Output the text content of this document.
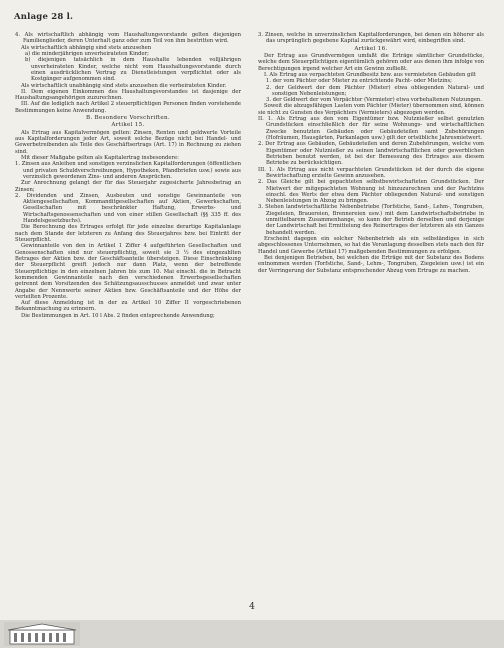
Anlage 28 l.

4. Als wirtschaftlich abhängig vom Haushaltungsvorstande gelten diejenigen Familienglieder, deren Unterhalt ganz oder zum Teil von ihm bestritten wird.

Als wirtschaftlich abhängig sind stets anzusehen

a) die minderjährigen unverheirateten Kinder;

b) diejenigen tatsächlich in dem Haushalte lebenden volljährigen unverheirateten Kinder, welche nicht vom Haushaltungsvorstande durch einen ausdrücklichen Vertrag zu Dienstleistungen verpflichtet oder als Kostgänger aufgenommen sind.

Als wirtschaftlich unabhängig sind stets anzusehen die verheirateten Kinder.

II. Dem eigenen Einkommen des Haushaltungsvorstandes ist dasjenige der Haushaltungsangehörigen zuzurechnen.

III. Auf die lediglich nach Artikel 2 steuerpflichtigen Personen finden vorstehende Bestimmungen keine Anwendung.

B. Besondere Vorschriften.

Artikel 15.

Als Ertrag aus Kapitalvermögen gelten: Zinsen, Renten und geldwerte Vorteile aus Kapitalforderungen jeder Art, soweit solche Bezüge nicht bei Handel- und Gewerbetreibenden als Teile des Geschäftsertrags (Art. 17) in Rechnung zu ziehen sind.

Mit dieser Maßgabe gelten als Kapitalertrag insbesondere:

1. Zinsen aus Anleihen und sonstigen verzinslichen Kapitalforderungen (öffentlichen und privaten Schuldverschreibungen, Hypotheken, Pfandbriefen usw.) sowie aus verzinslich gewordenen Zins- und anderen Ansprüchen.

Zur Anrechnung gelangt der für das Steuerjahr zugesicherte Jahresbetrag an Zinsen;

2. Dividenden und Zinsen, Ausbeuten und sonstige Gewinnanteile von Aktiengesellschaften, Kommanditgesellschaften auf Aktien, Gewerkschaften, Gesellschaften mit beschränkter Haftung, Erwerbs- und Wirtschaftsgenossenschaften und von einer stillen Gesellschaft (§§ 335 ff. des Handelsgesetzbuchs).

Die Berechnung des Ertrages erfolgt für jede einzelne derartige Kapitalanlage nach dem Stande der letzteren zu Anfang des Steuerjahres bzw. bei Eintritt der Steuerpflicht.

Gewinnanteile von den in Artikel 1 Ziffer 4 aufgeführten Gesellschaften und Genossenschaften sind nur steuerpflichtig, soweit sie 3 ½ des eingezahlten Betrages der Aktien bzw. der Geschäftsanteile übersteigen. Diese Einschränkung der Steuerpflicht greift jedoch nur dann Platz, wenn der betreffende Steuerpflichtige in den einzelnen Jahren bis zum 10. Mai einschl. die in Betracht kommenden Gewinnanteile nach den verschiedenen Erwerbsgesellschaften getrennt dem Vorsitzenden des Schätzungsausschusses anmeldet und zwar unter Angabe der Nennwerte seiner Aktien bzw. Geschäftsanteile und der Höhe der verteilten Prozente.

Auf diese Anmeldung ist in der zu Artikel 10 Ziffer II vorgeschriebenen Bekanntmachung zu erinnern.

Die Bestimmungen in Art. 10 l Abs. 2 finden entsprechende Anwendung;

3. Zinsen, welche in unverzinslichen Kapitalforderungen, bei denen ein höherer als das ursprünglich gegebene Kapital zurückgewährt wird, einbegriffen sind.

Artikel 16.

Der Ertrag aus Grundvermögen umfaßt die Erträge sämtlicher Grundstücke, welche dem Steuerpflichtigen eigentümlich gehören oder aus denen ihm infolge von Berechtigungen irgend welcher Art ein Gewinn zufließt.

I. Als Ertrag aus verpachteten Grundbesitz bzw. aus vermieteten Gebäuden gilt

1. der vom Pächter oder Mieter zu entrichtende Pacht- oder Mietzins;

2. der Geldwert der dem Pächter (Mieter) etwa obliegenden Natural- und sonstigen Nebenleistungen;

3. der Geldwert der vom Verpächter (Vermieter) etwa vorbehaltenen Nutzungen.

Soweit die abzugsfähigen Lasten vom Pächter (Mieter) übernommen sind, können sie nicht zu Gunsten des Verpächters (Vermieters) abgezogen werden.

II. 1. Als Ertrag aus den vom Eigentümer bzw. Nutznießer selbst genutzten Grundstücken einschließlich der für seine Wohnungs- und wirtschaftlichen Zwecke benutzten Gebäuden oder Gebäudeteilen samt Zubehörungen (Hofräumen, Hausgärten, Parkanlagen usw.) gilt der ortsübliche Jahresmietwert.

2. Der Ertrag aus Gebäuden, Gebäudeteilen und deren Zubehörungen, welche vom Eigentümer oder Nutznießer zu seinen landwirtschaftlichen oder gewerblichen Betrieben benutzt werden, ist bei der Bemessung des Ertrages aus diesem Betriebe zu berücksichtigen.

III. 1. Als Ertrag aus nicht verpachteten Grundstücken ist der durch die eigene Bewirtschaftung erzielte Gewinn anzusehen.

2. Das Gleiche gilt bei gepachteten selbstbewirtschafteten Grundstücken. Der Mietwert der mitgepachteten Wohnung ist hinzuzurechnen und der Pachtzins einschl. des Werts der etwa dem Pächter obliegenden Natural- und sonstigen Nebenleistungen in Abzug zu bringen.

3. Stehen landwirtschaftliche Nebenbetriebe (Torfstiche, Sand-, Lehm-, Tongruben, Ziegeleien, Brauereien, Brennereien usw.) mit dem Landwirtschaftsbetriebe in unmittelbarem Zusammenhange, so kann der Betrieb derselben und derjenige der Landwirtschaft bei Ermittelung des Reinertrages der letzteren als ein Ganzes behandelt werden.

Erscheint dagegen ein solcher Nebenbetrieb als ein selbständiges in sich abgeschlossenes Unternehmen, so hat die Veranlagung desselben stets nach den für Handel und Gewerbe (Artikel 17) maßgebenden Bestimmungen zu erfolgen.

Bei denjenigen Betrieben, bei welchen die Erträge mit der Substanz des Bodens entnommen werden (Torfstiche, Sand-, Lehm-, Tongruben, Ziegeleien usw.) ist ein der Verringerung der Substanz entsprechender Abzug vom Ertrage zu machen.

4
